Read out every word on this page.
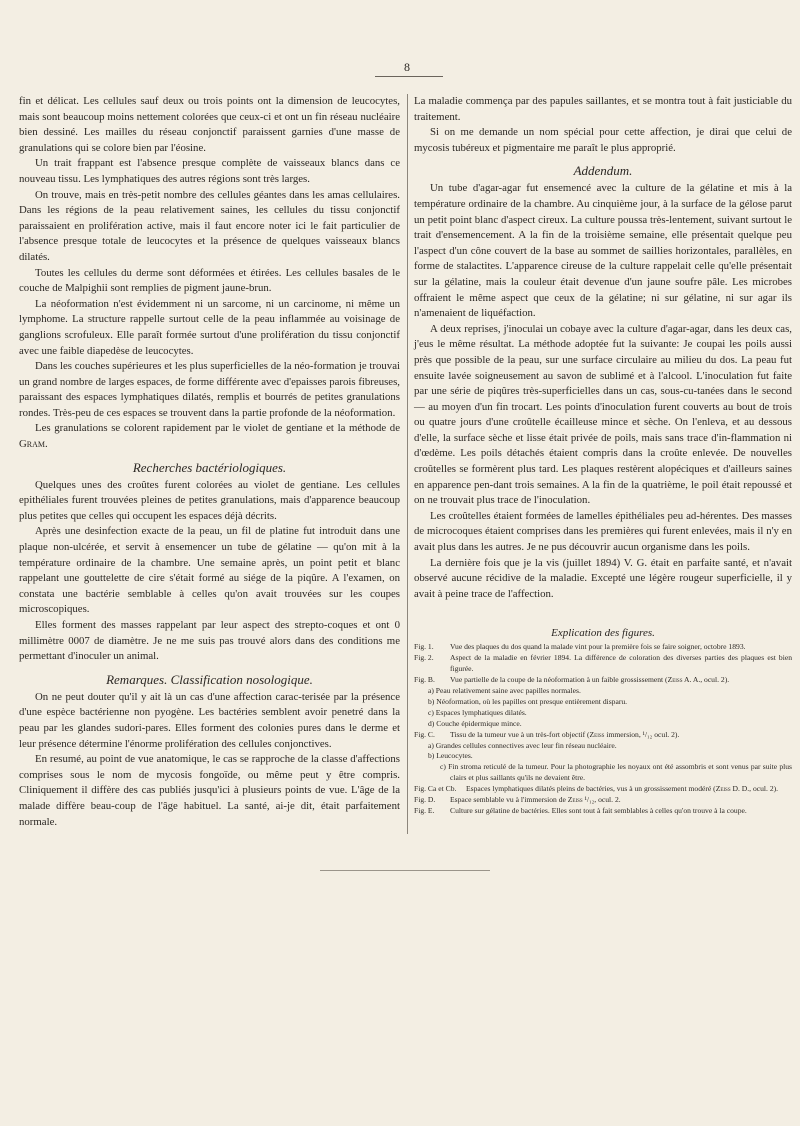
8

fin et délicat. Les cellules sauf deux ou trois points ont la dimension de leucocytes, mais sont beaucoup moins nettement colorées que ceux-ci et ont un fin réseau nucléaire bien dessiné. Les mailles du réseau conjonctif paraissent garnies d'une masse de granulations qui se colore bien par l'éosine.

Un trait frappant est l'absence presque complète de vaisseaux blancs dans ce nouveau tissu. Les lymphatiques des autres régions sont très larges.

On trouve, mais en très-petit nombre des cellules géantes dans les amas cellulaires. Dans les régions de la peau relativement saines, les cellules du tissu conjonctif paraissaient en prolifération active, mais il faut encore noter ici le fait particulier de l'absence presque totale de leucocytes et la présence de quelques vaisseaux blancs dilatés.

Toutes les cellules du derme sont déformées et étirées. Les cellules basales de le couche de Malpighii sont remplies de pigment jaune-brun.

La néoformation n'est évidemment ni un sarcome, ni un carcinome, ni même un lymphome. La structure rappelle surtout celle de la peau inflammée au voisinage de ganglions scrofuleux. Elle paraît formée surtout d'une prolifération du tissu conjonctif avec une faible diapedèse de leucocytes.

Dans les couches supérieures et les plus superficielles de la néo-formation je trouvai un grand nombre de larges espaces, de forme différente avec d'epaisses parois fibreuses, paraissant des espaces lymphatiques dilatés, remplis et bourrés de petites granulations rondes. Très-peu de ces espaces se trouvent dans la partie profonde de la néoformation.

Les granulations se colorent rapidement par le violet de gentiane et la méthode de Gram.

Recherches bactériologiques.

Quelques unes des croûtes furent colorées au violet de gentiane. Les cellules epithéliales furent trouvées pleines de petites granulations, mais d'apparence beaucoup plus petites que celles qui occupent les espaces déjà décrits.

Après une desinfection exacte de la peau, un fil de platine fut introduit dans une plaque non-ulcérée, et servit à ensemencer un tube de gélatine — qu'on mit à la température ordinaire de la chambre. Une semaine après, un point petit et blanc rappelant une gouttelette de cire s'était formé au siége de la piqûre. A l'examen, on constata une bactérie semblable à celles qu'on avait trouvées sur les coupes microscopiques.

Elles forment des masses rappelant par leur aspect des strepto-coques et ont 0 millimètre 0007 de diamètre. Je ne me suis pas trouvé alors dans des conditions me permettant d'inoculer un animal.

Remarques. Classification nosologique.

On ne peut douter qu'il y ait là un cas d'une affection carac-terisée par la présence d'une espèce bactérienne non pyogène. Les bactéries semblent avoir penetré dans la peau par les glandes sudori-pares. Elles forment des colonies pures dans le derme et leur présence détermine l'énorme prolifération des cellules conjonctives.

En resumé, au point de vue anatomique, le cas se rapproche de la classe d'affections comprises sous le nom de mycosis fongoïde, ou même peut y être compris. Cliniquement il diffère des cas publiés jusqu'ici à plusieurs points de vue. L'âge de la malade diffère beau-coup de l'âge habituel. La santé, ai-je dit, était parfaitement normale.

La maladie commença par des papules saillantes, et se montra tout à fait justiciable du traitement.

Si on me demande un nom spécial pour cette affection, je dirai que celui de mycosis tubéreux et pigmentaire me paraît le plus approprié.

Addendum.

Un tube d'agar-agar fut ensemencé avec la culture de la gélatine et mis à la température ordinaire de la chambre. Au cinquième jour, à la surface de la gélose parut un petit point blanc d'aspect cireux. La culture poussa très-lentement, suivant surtout le trait d'ensemencement. A la fin de la troisième semaine, elle présentait quelque peu l'aspect d'un cône couvert de la base au sommet de saillies horizontales, parallèles, en forme de stalactites. L'apparence cireuse de la culture rappelait celle qu'elle présentait sur la gélatine, mais la couleur était devenue d'un jaune soufre pâle. Les microbes offraient le même aspect que ceux de la gélatine; ni sur gélatine, ni sur agar ils n'amenaient de liquéfaction.

A deux reprises, j'inoculai un cobaye avec la culture d'agar-agar, dans les deux cas, j'eus le même résultat. La méthode adoptée fut la suivante: Je coupai les poils aussi près que possible de la peau, sur une surface circulaire au milieu du dos. La peau fut ensuite lavée soigneusement au savon de sublimé et à l'alcool. L'inoculation fut faite par une série de piqûres très-superficielles dans un cas, sous-cu-tanées dans le second — au moyen d'un fin trocart. Les points d'inoculation furent couverts au bout de trois ou quatre jours d'une croûtelle écailleuse mince et sèche. On l'enleva, et au dessous d'elle, la surface sèche et lisse était privée de poils, mais sans trace d'in-flammation ni d'œdème. Les poils détachés étaient compris dans la croûte enlevée. De nouvelles croûtelles se formèrent plus tard. Les plaques restèrent alopéciques et d'ailleurs saines en apparence pen-dant trois semaines. A la fin de la quatrième, le poil était repoussé et on ne trouvait plus trace de l'inoculation.

Les croûtelles étaient formées de lamelles épithéliales peu ad-hérentes. Des masses de microcoques étaient comprises dans les premières qui furent enlevées, mais il n'y en avait plus dans les autres. Je ne pus découvrir aucun organisme dans les poils.

La dernière fois que je la vis (juillet 1894) V. G. était en parfaite santé, et n'avait observé aucune récidive de la maladie. Excepté une légère rougeur superficielle, il y avait à peine trace de l'affection.

Explication des figures.
Fig. 1.	Vue des plaques du dos quand la malade vint pour la première fois se faire soigner, octobre 1893.
Fig. 2.	Aspect de la maladie en février 1894. La différence de coloration des diverses parties des plaques est bien figurée.
Fig. B.	Vue partielle de la coupe de la néoformation à un faible grossissement (Zeiss A. A., ocul. 2).
a) Peau relativement saine avec papilles normales.
b) Néoformation, où les papilles ont presque entièrement disparu.
c) Espaces lymphatiques dilatés.
d) Couche épidermique mince.
Fig. C.	Tissu de la tumeur vue à un très-fort objectif (Zeiss immersion, ¹/₁₂ ocul. 2).
a) Grandes cellules connectives avec leur fin réseau nucléaire.
b) Leucocytes.
c) Fin stroma reticulé de la tumeur. Pour la photographie les noyaux ont été assombris et sont venus par suite plus clairs et plus saillants qu'ils ne devaient être.
Fig. Ca et Cb.	Espaces lymphatiques dilatés pleins de bactéries, vus à un grossissement modéré (Zeiss D. D., ocul. 2).
Fig. D.	Espace semblable vu à l'immersion de Zeiss ¹/₁₂, ocul. 2.
Fig. E.	Culture sur gélatine de bactéries. Elles sont tout à fait semblables à celles qu'on trouve à la coupe.
